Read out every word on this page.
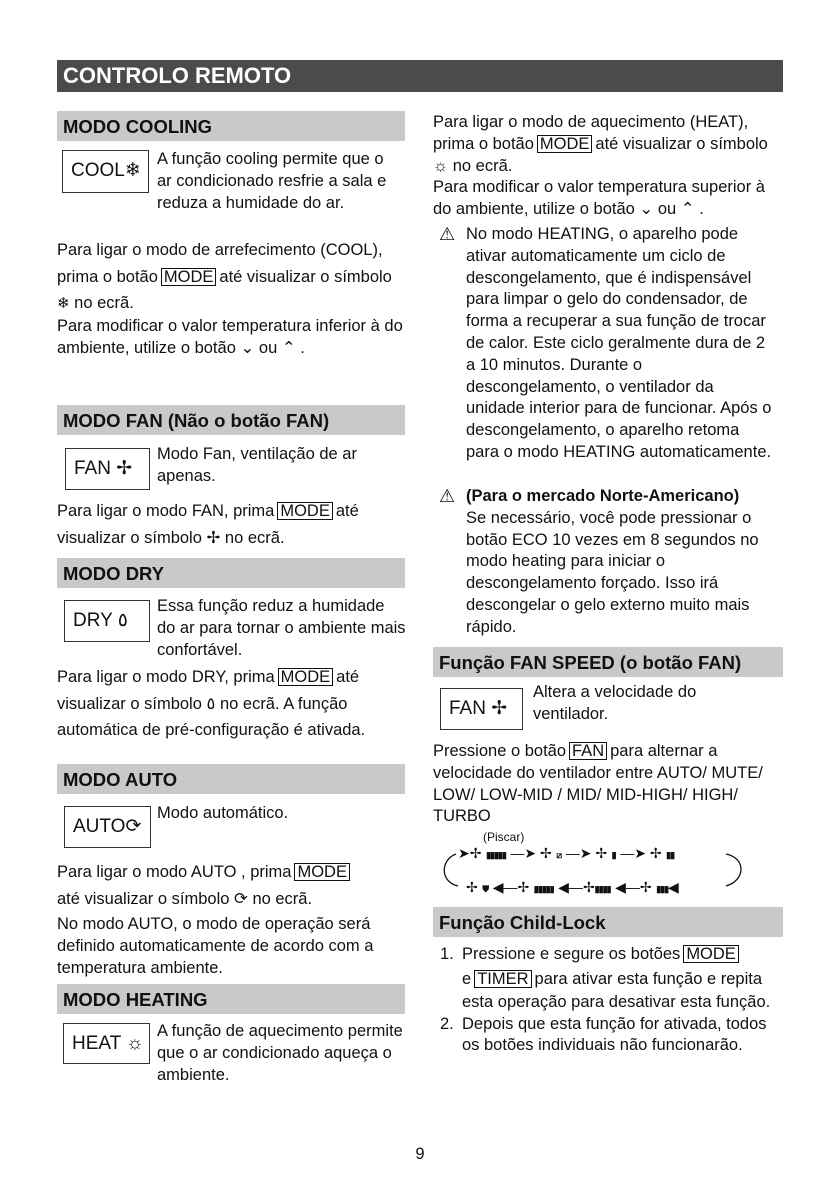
CONTROLO REMOTO
MODO COOLING
COOL❄
A função cooling permite que o ar condicionado resfrie a sala e reduza a humidade do ar.
Para ligar o modo de arrefecimento (COOL), prima o botão MODE até visualizar o símbolo ❄ no ecrã.
Para modificar o valor temperatura inferior à do ambiente, utilize o botão ⌄ ou ⌃ .
MODO FAN (Não o botão FAN)
FAN ✢
Modo Fan, ventilação de ar apenas.
Para ligar o modo FAN, prima MODE até
visualizar o símbolo ✢ no ecrã.
MODO DRY
DRY ٥
Essa função reduz a humidade do ar para tornar o ambiente mais confortável.
Para ligar o modo DRY, prima MODE até
visualizar o símbolo ٥ no ecrã. A função automática de pré-configuração é ativada.
MODO AUTO
AUTO⟳
Modo automático.
Para ligar o modo AUTO , prima MODE
até visualizar o símbolo ⟳ no ecrã.
No modo AUTO, o modo de operação será definido automaticamente de acordo com a temperatura ambiente.
MODO HEATING
HEAT ☼
A função de aquecimento permite que o ar condicionado aqueça o ambiente.
Para ligar o modo de aquecimento (HEAT), prima o botão MODE até visualizar o símbolo ☼ no ecrã.
Para modificar o valor temperatura superior à do ambiente, utilize o botão ⌄ ou ⌃ .
⚠ No modo HEATING, o aparelho pode ativar automaticamente um ciclo de descongelamento, que é indispensável para limpar o gelo do condensador, de forma a recuperar a sua função de trocar de calor. Este ciclo geralmente dura de 2 a 10 minutos. Durante o descongelamento, o ventilador da unidade interior para de funcionar. Após o descongelamento, o aparelho retoma para o modo HEATING automaticamente.
⚠ (Para o mercado Norte-Americano)
Se necessário, você pode pressionar o botão ECO 10 vezes em 8 segundos no modo heating para iniciar o descongelamento forçado. Isso irá descongelar o gelo externo muito mais rápido.
Função FAN SPEED (o botão FAN)
FAN ✢
Altera a velocidade do ventilador.
Pressione o botão FAN para alternar a velocidade do ventilador entre AUTO/ MUTE/ LOW/ LOW-MID / MID/ MID-HIGH/ HIGH/ TURBO
(Piscar)
➤✢ ▮▮▮▮▮ —➤ ✢ ⧄ —➤ ✢ ▮ —➤ ✢ ▮▮
✢ ⛊ ◀—✢ ▮▮▮▮▮ ◀—✢▮▮▮▮ ◀—✢ ▮▮▮◀
Função Child-Lock
1. Pressione e segure os botões MODE
e TIMER para ativar esta função e repita esta operação para desativar esta função.
2. Depois que esta função for ativada, todos os botões individuais não funcionarão.
9
